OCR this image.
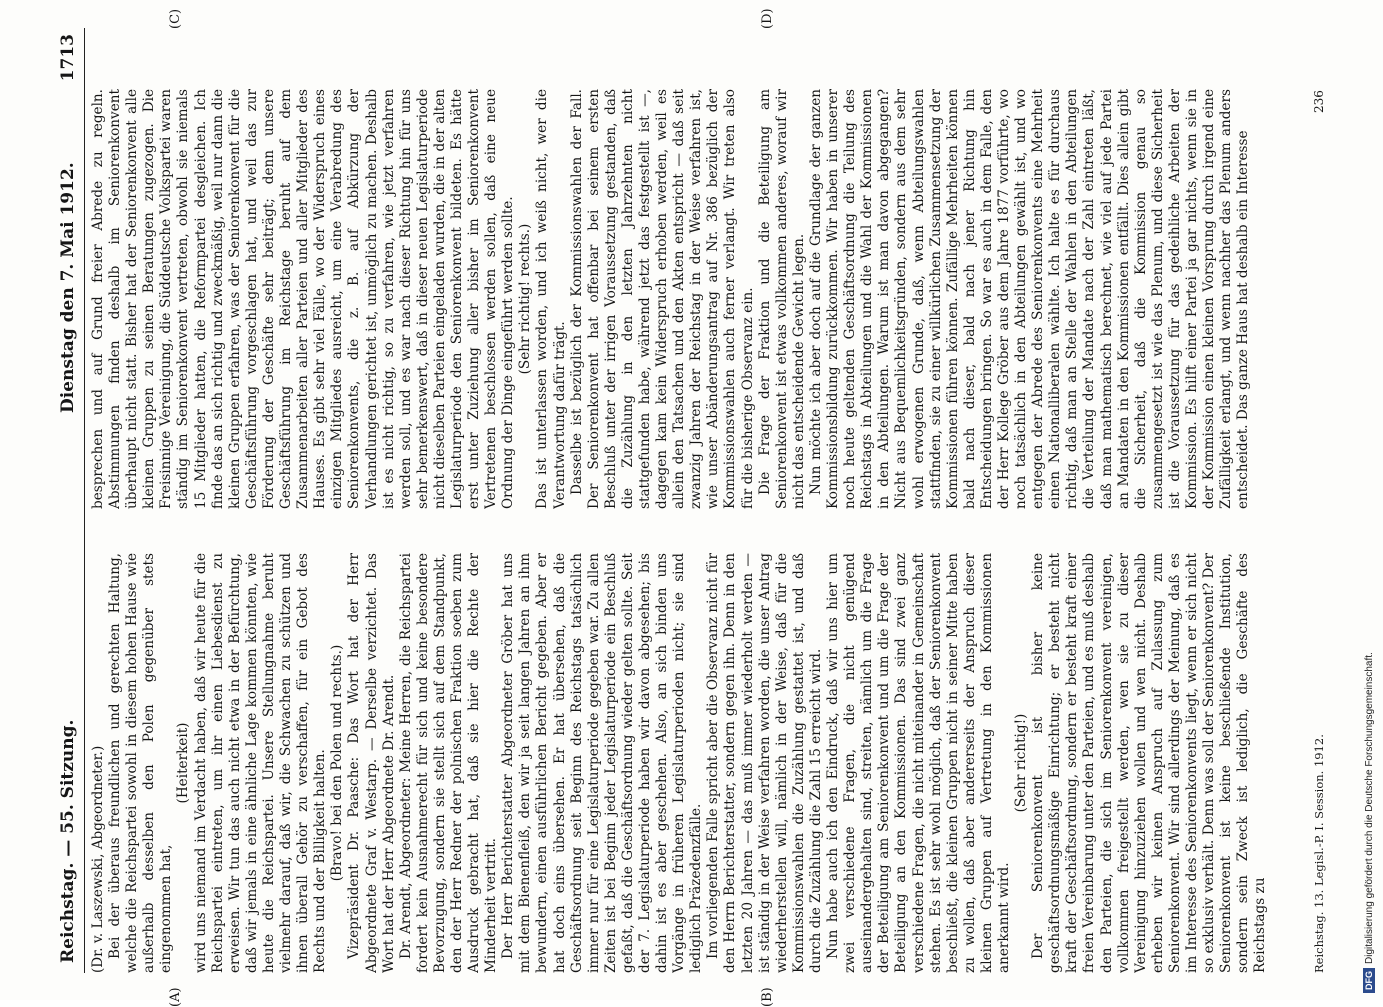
Reichstag. — 55. Sitzung.
Dienstag den 7. Mai 1912.
1713
(A)	(B)
(C)	(D)

(Dr. v. Laszewski, Abgeordneter.) Bei der überaus freundlichen und gerechten Haltung, welche die Reichspartei sowohl in diesem hohen Hause wie außerhalb desselben den Polen gegenüber stets eingenommen hat,

(Heiterkeit) wird uns niemand im Verdacht haben, daß wir heute für die Reichspartei eintreten, um ihr einen Liebesdienst zu erweisen. Wir tun das auch nicht etwa in der Befürchtung, daß wir jemals in eine ähnliche Lage kommen könnten, wie heute die Reichspartei. Unsere Stellungnahme beruht vielmehr darauf, daß wir, die Schwachen zu schützen und ihnen überall Gehör zu verschaffen, für ein Gebot des Rechts und der Billigkeit halten. (Bravo! bei den Polen und rechts.) Vizepräsident Dr. Paasche: Das Wort hat der Herr Abgeordnete Graf v. Westarp. — Derselbe verzichtet. Das Wort hat der Herr Abgeordnete Dr. Arendt. Dr. Arendt, Abgeordneter: Meine Herren, die Reichspartei fordert kein Ausnahmerecht für sich und keine besondere Bevorzugung, sondern sie stellt sich auf dem Standpunkt, den der Herr Redner der polnischen Fraktion soeben zum Ausdruck gebracht hat, daß sie hier die Rechte der Minderheit vertritt. Der Herr Berichterstatter Abgeordneter Gröber hat uns mit dem Bienenfleiß, den wir ja seit langen Jahren an ihm bewundern, einen ausführlichen Bericht gegeben. Aber er hat doch eins übersehen. Er hat übersehen, daß die Geschäftsordnung seit Beginn des Reichstags tatsächlich immer nur für eine Legislaturperiode gegeben war. Zu allen Zeiten ist bei Beginn jeder Legislaturperiode ein Beschluß gefaßt, daß die Geschäftsordnung wieder gelten sollte. Seit der 7. Legislaturperiode haben wir davon abgesehen; bis dahin ist es aber geschehen. Also, an sich binden uns Vorgänge in früheren Legislaturperioden nicht; sie sind lediglich Präzedenzfälle. Im vorliegenden Falle spricht aber die Observanz nicht für den Herrn Berichterstatter, sondern gegen ihn. Denn in den letzten 20 Jahren — das muß immer wiederholt werden — ist ständig in der Weise verfahren worden, die unser Antrag wiederherstellen will, nämlich in der Weise, daß für die Kommissionswahlen die Zuzählung gestattet ist, und daß durch die Zuzählung die Zahl 15 erreicht wird. Nun habe auch ich den Eindruck, daß wir uns hier um zwei verschiedene Fragen, die nicht genügend auseinandergehalten sind, streiten, nämlich um die Frage der Beteiligung am Seniorenkonvent und um die Frage der Beteiligung an den Kommissionen. Das sind zwei ganz verschiedene Fragen, die nicht miteinander in Gemeinschaft stehen. Es ist sehr wohl möglich, daß der Seniorenkonvent beschließt, die kleinen Gruppen nicht in seiner Mitte haben zu wollen, daß aber andererseits der Anspruch dieser kleinen Gruppen auf Vertretung in den Kommissionen anerkannt wird.

(Sehr richtig!) Der Seniorenkonvent ist bisher keine geschäftsordnungsmäßige Einrichtung; er besteht nicht kraft der Geschäftsordnung, sondern er besteht kraft einer freien Vereinbarung unter den Parteien, und es muß deshalb den Parteien, die sich im Seniorenkonvent vereinigen, vollkommen freigestellt werden, wen sie zu dieser Vereinigung hinzuziehen wollen und wen nicht. Deshalb erheben wir keinen Anspruch auf Zulassung zum Seniorenkonvent. Wir sind allerdings der Meinung, daß es im Interesse des Seniorenkonvents liegt, wenn er sich nicht so exklusiv verhält. Denn was soll der Seniorenkonvent? Der Seniorenkonvent ist keine beschließende Institution, sondern sein Zweck ist lediglich, die Geschäfte des Reichstags zu

besprechen und auf Grund freier Abrede zu regeln. Abstimmungen finden deshalb im Seniorenkonvent überhaupt nicht statt. Bisher hat der Seniorenkonvent alle kleinen Gruppen zu seinen Beratungen zugezogen. Die Freisinnige Vereinigung, die Süddeutsche Volkspartei waren ständig im Seniorenkonvent vertreten, obwohl sie niemals 15 Mitglieder hatten, die Reformpartei desgleichen. Ich finde das an sich richtig und zweckmäßig, weil nur dann die kleinen Gruppen erfahren, was der Seniorenkonvent für die Geschäftsführung vorgeschlagen hat, und weil das zur Förderung der Geschäfte sehr beiträgt; denn unsere Geschäftsführung im Reichstage beruht auf dem Zusammenarbeiten aller Parteien und aller Mitglieder des Hauses. Es gibt sehr viel Fälle, wo der Widerspruch eines einzigen Mitgliedes ausreicht, um eine Verabredung des Seniorenkonvents, die z. B. auf Abkürzung der Verhandlungen gerichtet ist, unmöglich zu machen. Deshalb ist es nicht richtig, so zu verfahren, wie jetzt verfahren werden soll, und es war nach dieser Richtung hin für uns sehr bemerkenswert, daß in dieser neuen Legislaturperiode nicht dieselben Parteien eingeladen wurden, die in der alten Legislaturperiode den Seniorenkonvent bildeten. Es hätte erst unter Zuziehung aller bisher im Seniorenkonvent Vertretenen beschlossen werden sollen, daß eine neue Ordnung der Dinge eingeführt werden sollte. (Sehr richtig! rechts.) Das ist unterlassen worden, und ich weiß nicht, wer die Verantwortung dafür trägt. Dasselbe ist bezüglich der Kommissionswahlen der Fall. Der Seniorenkonvent hat offenbar bei seinem ersten Beschluß unter der irrigen Voraussetzung gestanden, daß die Zuzählung in den letzten Jahrzehnten nicht stattgefunden habe, während jetzt das festgestellt ist —, dagegen kam kein Widerspruch erhoben werden, weil es allein den Tatsachen und den Akten entspricht — daß seit zwanzig Jahren der Reichstag in der Weise verfahren ist, wie unser Abänderungsantrag auf Nr. 386 bezüglich der Kommissionswahlen auch ferner verlangt. Wir treten also für die bisherige Observanz ein. Die Frage der Fraktion und die Beteiligung am Seniorenkonvent ist etwas vollkommen anderes, worauf wir nicht das entscheidende Gewicht legen. Nun möchte ich aber doch auf die Grundlage der ganzen Kommissionsbildung zurückkommen. Wir haben in unserer noch heute geltenden Geschäftsordnung die Teilung des Reichstags in Abteilungen und die Wahl der Kommissionen in den Abteilungen. Warum ist man davon abgegangen? Nicht aus Bequemlichkeitsgründen, sondern aus dem sehr wohl erwogenen Grunde, daß, wenn Abteilungswahlen stattfinden, sie zu einer willkürlichen Zusammensetzung der Kommissionen führen können. Zufällige Mehrheiten können bald nach dieser, bald nach jener Richtung hin Entscheidungen bringen. So war es auch in dem Falle, den der Herr Kollege Gröber aus dem Jahre 1877 vorführte, wo noch tatsächlich in den Abteilungen gewählt ist, und wo entgegen der Abrede des Seniorenkonvents eine Mehrheit einen Nationalliberalen wählte. Ich halte es für durchaus richtig, daß man an Stelle der Wahlen in den Abteilungen die Verteilung der Mandate nach der Zahl eintreten läßt, daß man mathematisch berechnet, wie viel auf jede Partei an Mandaten in den Kommissionen entfällt. Dies allein gibt die Sicherheit, daß die Kommission genau so zusammengesetzt ist wie das Plenum, und diese Sicherheit ist die Voraussetzung für das gedeihliche Arbeiten der Kommission. Es hilft einer Partei ja gar nichts, wenn sie in der Kommission einen kleinen Vorsprung durch irgend eine Zufälligkeit erlangt, und wenn nachher das Plenum anders entscheidet. Das ganze Haus hat deshalb ein Interesse

Reichstag. 13. Legisl.-P. I. Session. 1912.
236
DFGDigitalisierung gefördert durch die Deutsche Forschungsgemeinschaft.
